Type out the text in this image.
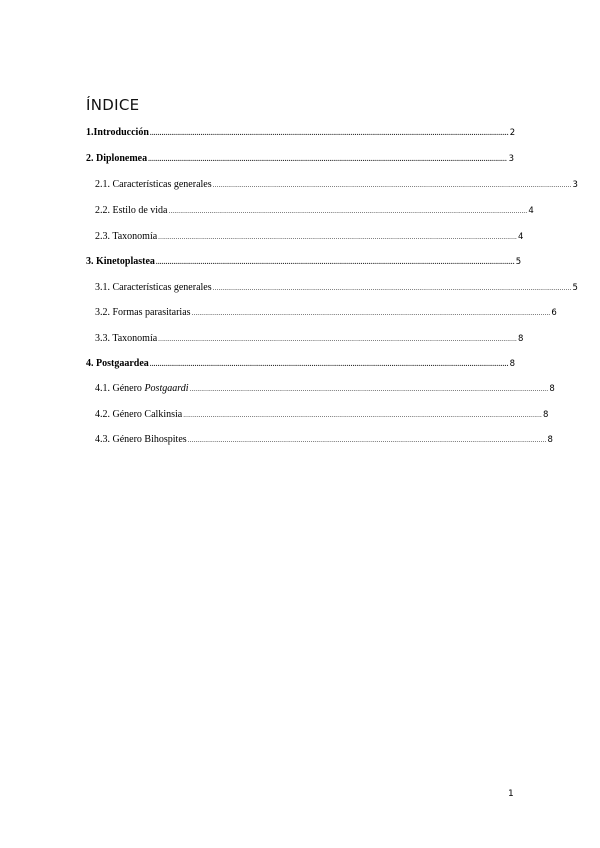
ÍNDICE
1.Introducción ........................................................................................................................................................................................ 2
2. Diplonemea ........................................................................................................................................................................................ 3
2.1. Características generales ........................................................................................................................................................................................ 3
2.2. Estilo de vida ........................................................................................................................................................................................ 4
2.3. Taxonomía ........................................................................................................................................................................................ 4
3. Kinetoplastea ........................................................................................................................................................................................ 5
3.1. Características generales ........................................................................................................................................................................................ 5
3.2. Formas parasitarias ........................................................................................................................................................................................ 6
3.3. Taxonomía ........................................................................................................................................................................................ 8
4. Postgaardea ........................................................................................................................................................................................ 8
4.1. Género Postgaardi ........................................................................................................................................................................................ 8
4.2. Género Calkinsia ........................................................................................................................................................................................ 8
4.3. Género Bihospites ........................................................................................................................................................................................ 8
1
